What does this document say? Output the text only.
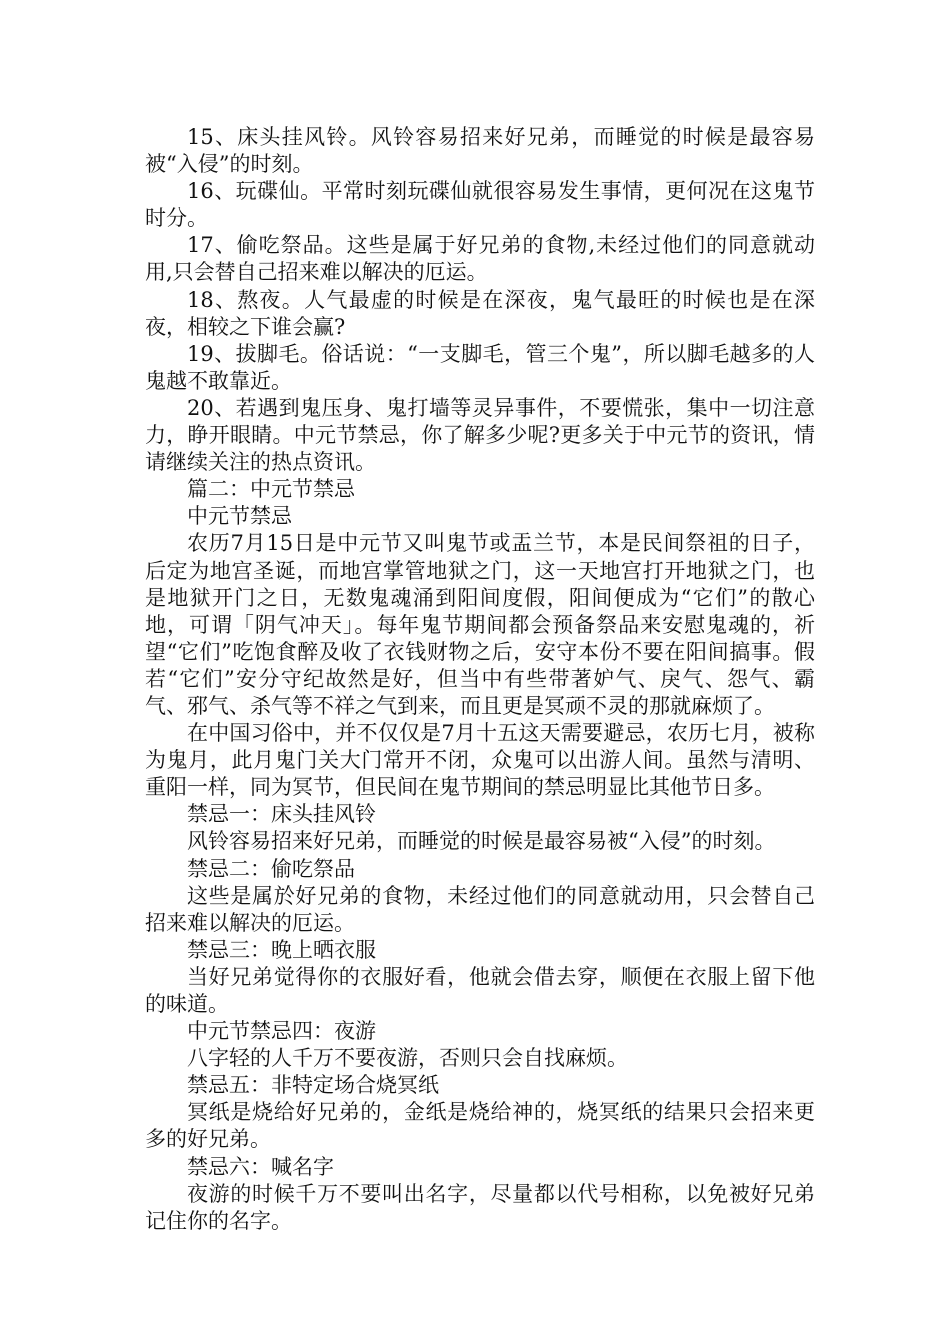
15、床头挂风铃。风铃容易招来好兄弟，而睡觉的时候是最容易被“入侵”的时刻。

16、玩碟仙。平常时刻玩碟仙就很容易发生事情，更何况在这鬼节时分。

17、偷吃祭品。这些是属于好兄弟的食物,未经过他们的同意就动用,只会替自己招来难以解决的厄运。

18、熬夜。人气最虚的时候是在深夜，鬼气最旺的时候也是在深夜，相较之下谁会赢?

19、拔脚毛。俗话说：“一支脚毛，管三个鬼”，所以脚毛越多的人鬼越不敢靠近。

20、若遇到鬼压身、鬼打墙等灵异事件，不要慌张，集中一切注意力，睁开眼睛。中元节禁忌，你了解多少呢?更多关于中元节的资讯，情请继续关注的热点资讯。

篇二：中元节禁忌

中元节禁忌

农历7月15日是中元节又叫鬼节或盂兰节，本是民间祭祖的日子，后定为地宫圣诞，而地宫掌管地狱之门，这一天地宫打开地狱之门，也是地狱开门之日，无数鬼魂涌到阳间度假，阳间便成为“它们”的散心地，可谓「阴气冲天」。每年鬼节期间都会预备祭品来安慰鬼魂的，祈望“它们”吃饱食醉及收了衣钱财物之后，安守本份不要在阳间搞事。假若“它们”安分守纪故然是好，但当中有些带著妒气、戾气、怨气、霸气、邪气、杀气等不祥之气到来，而且更是冥顽不灵的那就麻烦了。

在中国习俗中，并不仅仅是7月十五这天需要避忌，农历七月，被称为鬼月，此月鬼门关大门常开不闭，众鬼可以出游人间。虽然与清明、重阳一样，同为冥节，但民间在鬼节期间的禁忌明显比其他节日多。

禁忌一：床头挂风铃

风铃容易招来好兄弟，而睡觉的时候是最容易被“入侵”的时刻。

禁忌二：偷吃祭品

这些是属於好兄弟的食物，未经过他们的同意就动用，只会替自己招来难以解决的厄运。

禁忌三：晚上晒衣服

当好兄弟觉得你的衣服好看，他就会借去穿，顺便在衣服上留下他的味道。

中元节禁忌四：夜游

八字轻的人千万不要夜游，否则只会自找麻烦。

禁忌五：非特定场合烧冥纸

冥纸是烧给好兄弟的，金纸是烧给神的，烧冥纸的结果只会招来更多的好兄弟。

禁忌六：喊名字

夜游的时候千万不要叫出名字，尽量都以代号相称，以免被好兄弟记住你的名字。
